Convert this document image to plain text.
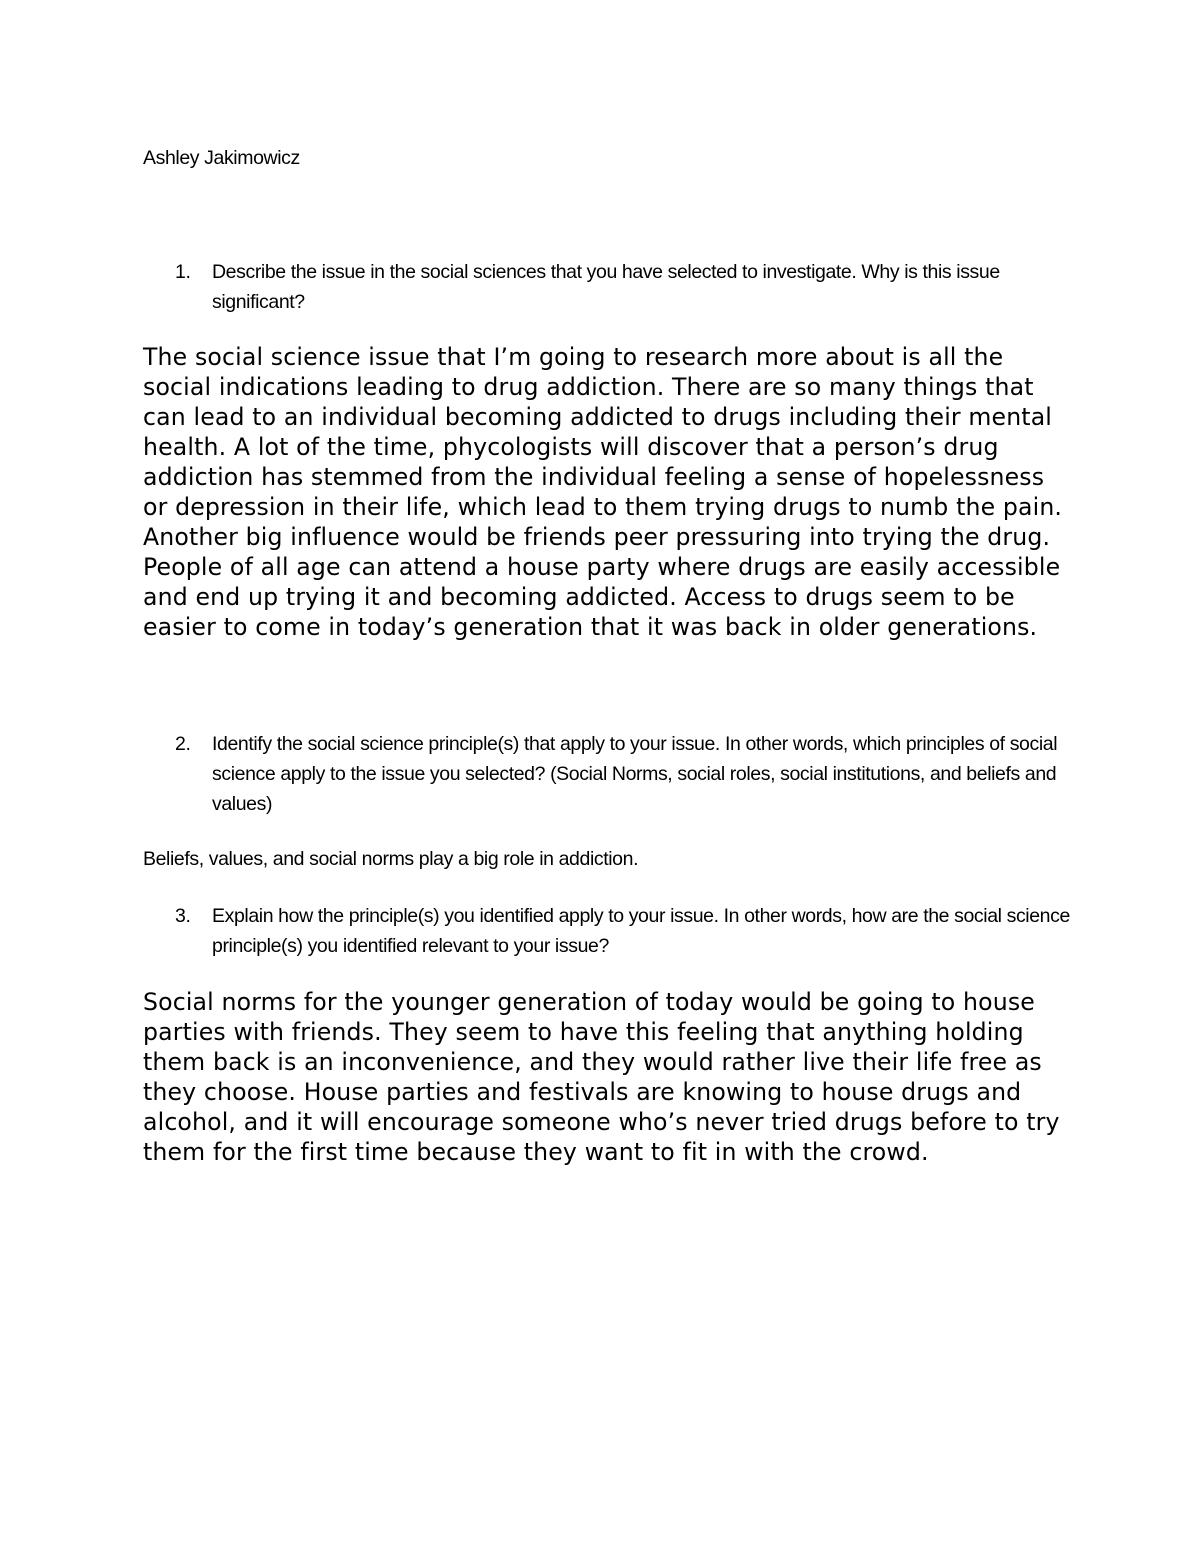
Ashley Jakimowicz
1.	Describe the issue in the social sciences that you have selected to investigate. Why is this issue significant?
The social science issue that I’m going to research more about is all the social indications leading to drug addiction. There are so many things that can lead to an individual becoming addicted to drugs including their mental health. A lot of the time, phycologists will discover that a person’s drug addiction has stemmed from the individual feeling a sense of hopelessness or depression in their life, which lead to them trying drugs to numb the pain. Another big influence would be friends peer pressuring into trying the drug. People of all age can attend a house party where drugs are easily accessible and end up trying it and becoming addicted. Access to drugs seem to be easier to come in today’s generation that it was back in older generations.
2.	Identify the social science principle(s) that apply to your issue. In other words, which principles of social science apply to the issue you selected? (Social Norms, social roles, social institutions, and beliefs and values)
Beliefs, values, and social norms play a big role in addiction.
3.	Explain how the principle(s) you identified apply to your issue. In other words, how are the social science principle(s) you identified relevant to your issue?
Social norms for the younger generation of today would be going to house parties with friends. They seem to have this feeling that anything holding them back is an inconvenience, and they would rather live their life free as they choose. House parties and festivals are knowing to house drugs and alcohol, and it will encourage someone who’s never tried drugs before to try them for the first time because they want to fit in with the crowd.
